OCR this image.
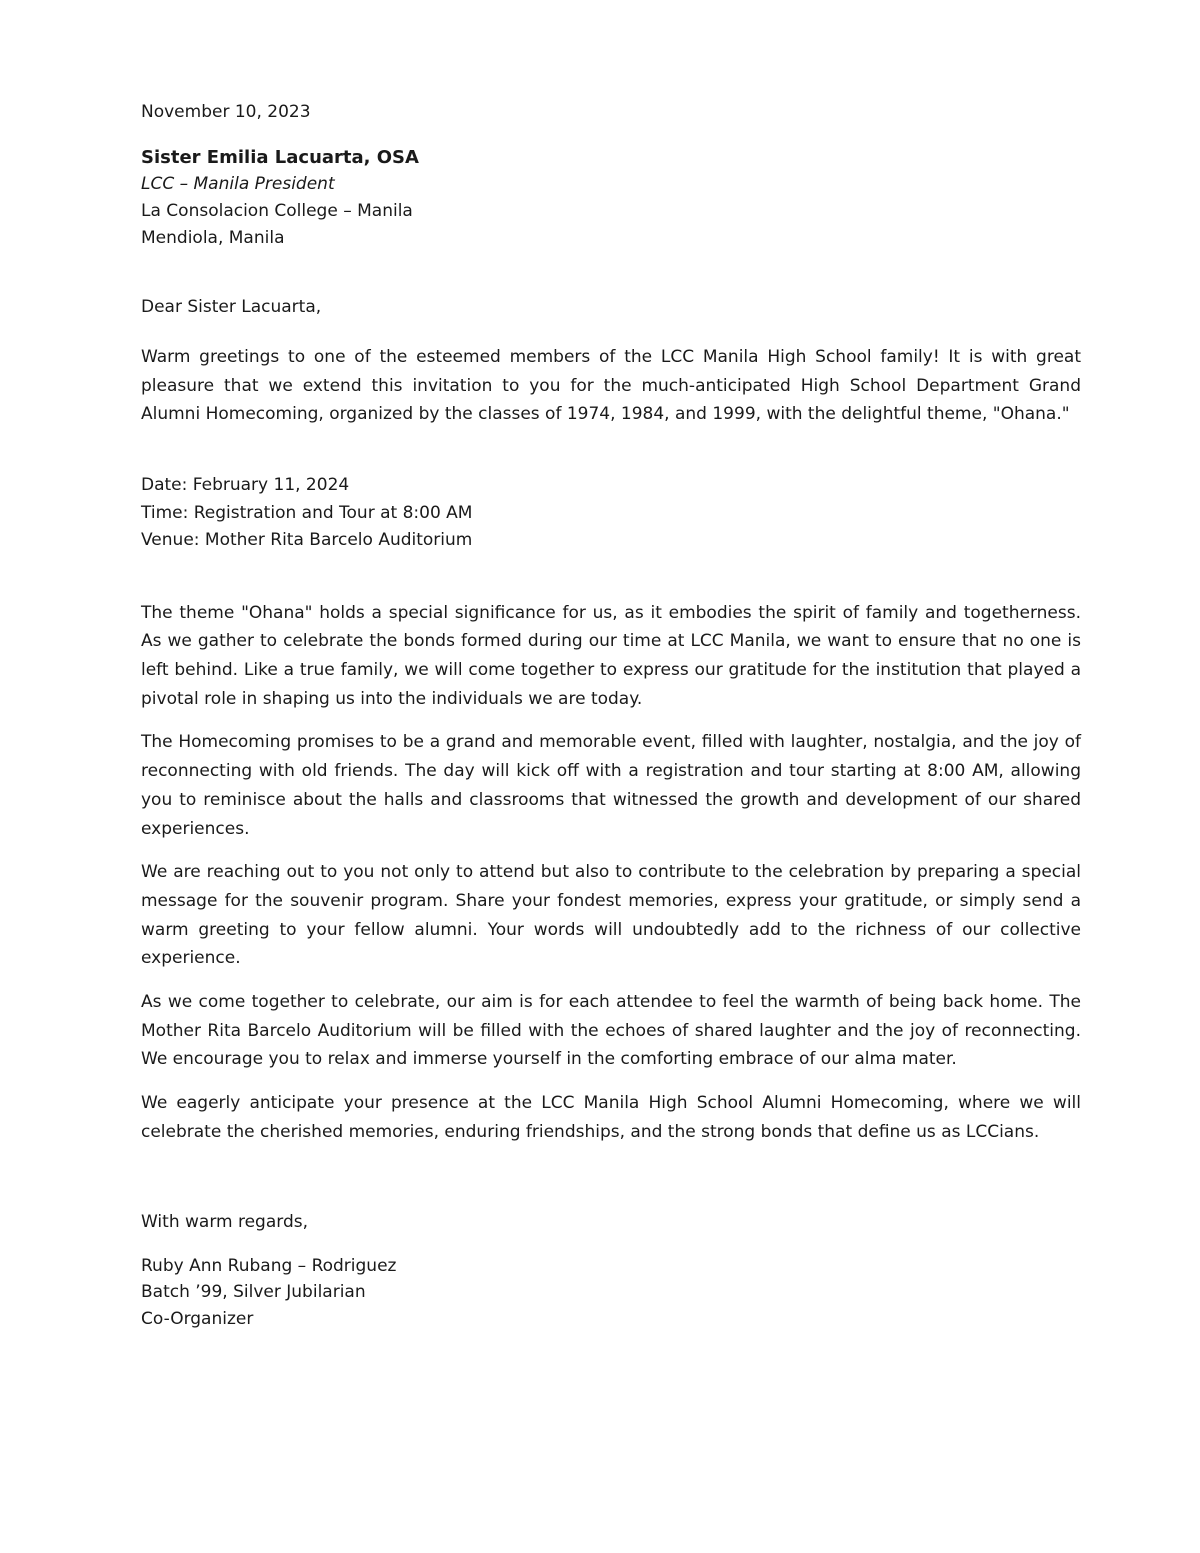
November 10, 2023
Sister Emilia Lacuarta, OSA
LCC – Manila President
La Consolacion College – Manila
Mendiola, Manila
Dear Sister Lacuarta,

Warm greetings to one of the esteemed members of the LCC Manila High School family! It is with great pleasure that we extend this invitation to you for the much-anticipated High School Department Grand Alumni Homecoming, organized by the classes of 1974, 1984, and 1999, with the delightful theme, "Ohana."

Date: February 11, 2024
Time: Registration and Tour at 8:00 AM
Venue: Mother Rita Barcelo Auditorium

The theme "Ohana" holds a special significance for us, as it embodies the spirit of family and togetherness. As we gather to celebrate the bonds formed during our time at LCC Manila, we want to ensure that no one is left behind. Like a true family, we will come together to express our gratitude for the institution that played a pivotal role in shaping us into the individuals we are today.

The Homecoming promises to be a grand and memorable event, filled with laughter, nostalgia, and the joy of reconnecting with old friends. The day will kick off with a registration and tour starting at 8:00 AM, allowing you to reminisce about the halls and classrooms that witnessed the growth and development of our shared experiences.

We are reaching out to you not only to attend but also to contribute to the celebration by preparing a special message for the souvenir program. Share your fondest memories, express your gratitude, or simply send a warm greeting to your fellow alumni. Your words will undoubtedly add to the richness of our collective experience.

As we come together to celebrate, our aim is for each attendee to feel the warmth of being back home. The Mother Rita Barcelo Auditorium will be filled with the echoes of shared laughter and the joy of reconnecting. We encourage you to relax and immerse yourself in the comforting embrace of our alma mater.

We eagerly anticipate your presence at the LCC Manila High School Alumni Homecoming, where we will celebrate the cherished memories, enduring friendships, and the strong bonds that define us as LCCians.

With warm regards,
Ruby Ann Rubang – Rodriguez
Batch ’99, Silver Jubilarian
Co-Organizer
